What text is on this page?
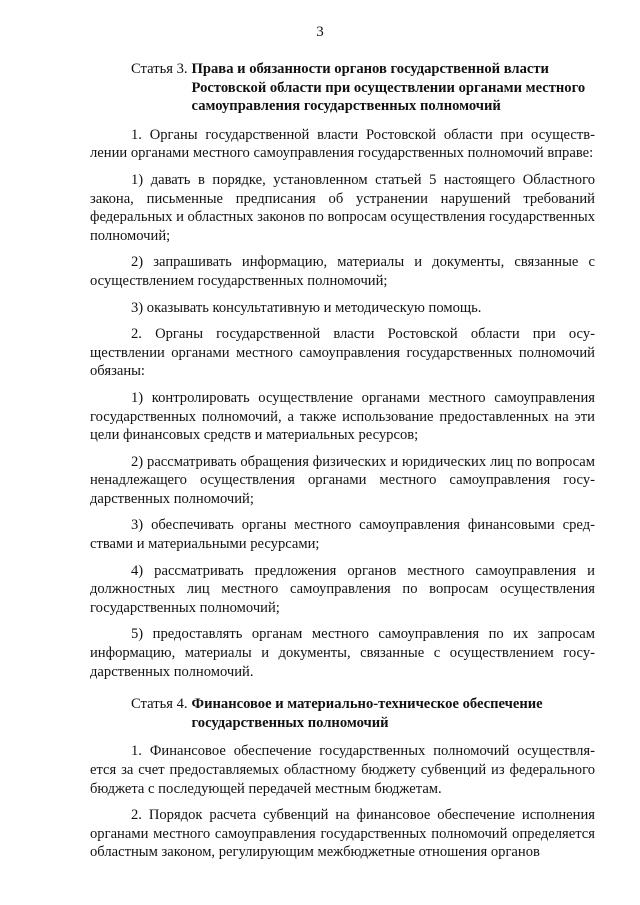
3
Статья 3. Права и обязанности органов государственной власти Ростовской области при осуществлении органами местного самоуправления государственных полномочий

1. Органы государственной власти Ростовской области при осуществлении органами местного самоуправления государственных полномочий вправе:

1) давать в порядке, установленном статьей 5 настоящего Областного закона, письменные предписания об устранении нарушений требований федеральных и областных законов по вопросам осуществления государственных полномочий;

2) запрашивать информацию, материалы и документы, связанные с осуществлением государственных полномочий;

3) оказывать консультативную и методическую помощь.

2. Органы государственной власти Ростовской области при осуществлении органами местного самоуправления государственных полномочий обязаны:

1) контролировать осуществление органами местного самоуправления государственных полномочий, а также использование предоставленных на эти цели финансовых средств и материальных ресурсов;

2) рассматривать обращения физических и юридических лиц по вопросам ненадлежащего осуществления органами местного самоуправления государственных полномочий;

3) обеспечивать органы местного самоуправления финансовыми средствами и материальными ресурсами;

4) рассматривать предложения органов местного самоуправления и должностных лиц местного самоуправления по вопросам осуществления государственных полномочий;

5) предоставлять органам местного самоуправления по их запросам информацию, материалы и документы, связанные с осуществлением государственных полномочий.

Статья 4. Финансовое и материально-техническое обеспечение государственных полномочий

1. Финансовое обеспечение государственных полномочий осуществляется за счет предоставляемых областному бюджету субвенций из федерального бюджета с последующей передачей местным бюджетам.

2. Порядок расчета субвенций на финансовое обеспечение исполнения органами местного самоуправления государственных полномочий определяется областным законом, регулирующим межбюджетные отношения органов
